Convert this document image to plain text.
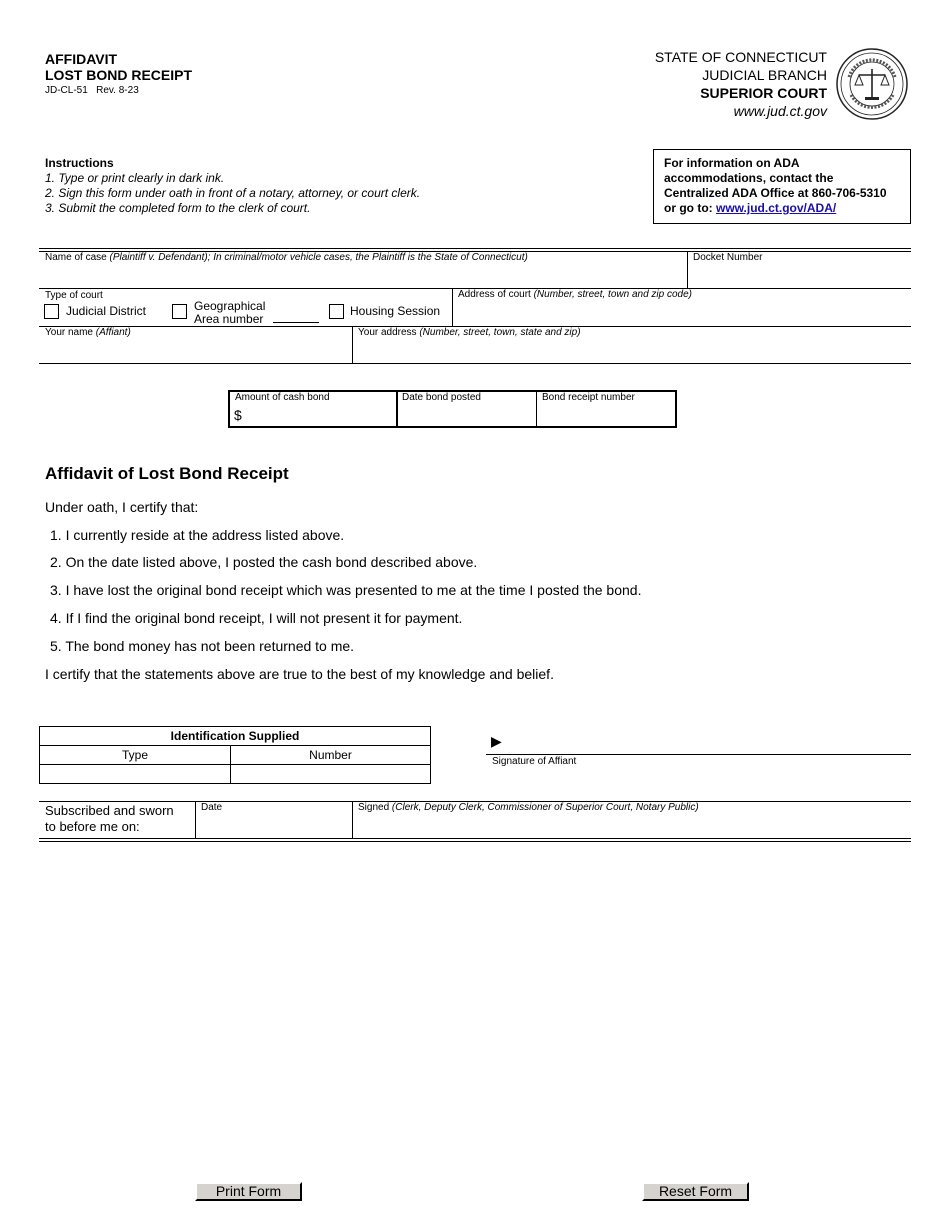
AFFIDAVIT
LOST BOND RECEIPT
JD-CL-51 Rev. 8-23
STATE OF CONNECTICUT
JUDICIAL BRANCH
SUPERIOR COURT
www.jud.ct.gov
Instructions
1. Type or print clearly in dark ink.
2. Sign this form under oath in front of a notary, attorney, or court clerk.
3. Submit the completed form to the clerk of court.
For information on ADA
accommodations, contact the
Centralized ADA Office at 860-706-5310
or go to: www.jud.ct.gov/ADA/
Name of case (Plaintiff v. Defendant); In criminal/motor vehicle cases, the Plaintiff is the State of Connecticut)	Docket Number
Type of court
Judicial District	Geographical
Area number
Housing Session
Address of court (Number, street, town and zip code)
Your name (Affiant)	Your address (Number, street, town, state and zip)
Amount of cash bond
$
Date bond posted	Bond receipt number
Affidavit of Lost Bond Receipt
Under oath, I certify that:
1. I currently reside at the address listed above.
2. On the date listed above, I posted the cash bond described above.
3. I have lost the original bond receipt which was presented to me at the time I posted the bond.
4. If I find the original bond receipt, I will not present it for payment.
5. The bond money has not been returned to me.
I certify that the statements above are true to the best of my knowledge and belief.
Identification Supplied	
Type	Number

▶
Signature of Affiant
Subscribed and sworn
to before me on:
Date	Signed (Clerk, Deputy Clerk, Commissioner of Superior Court, Notary Public)
Print Form	Reset Form
